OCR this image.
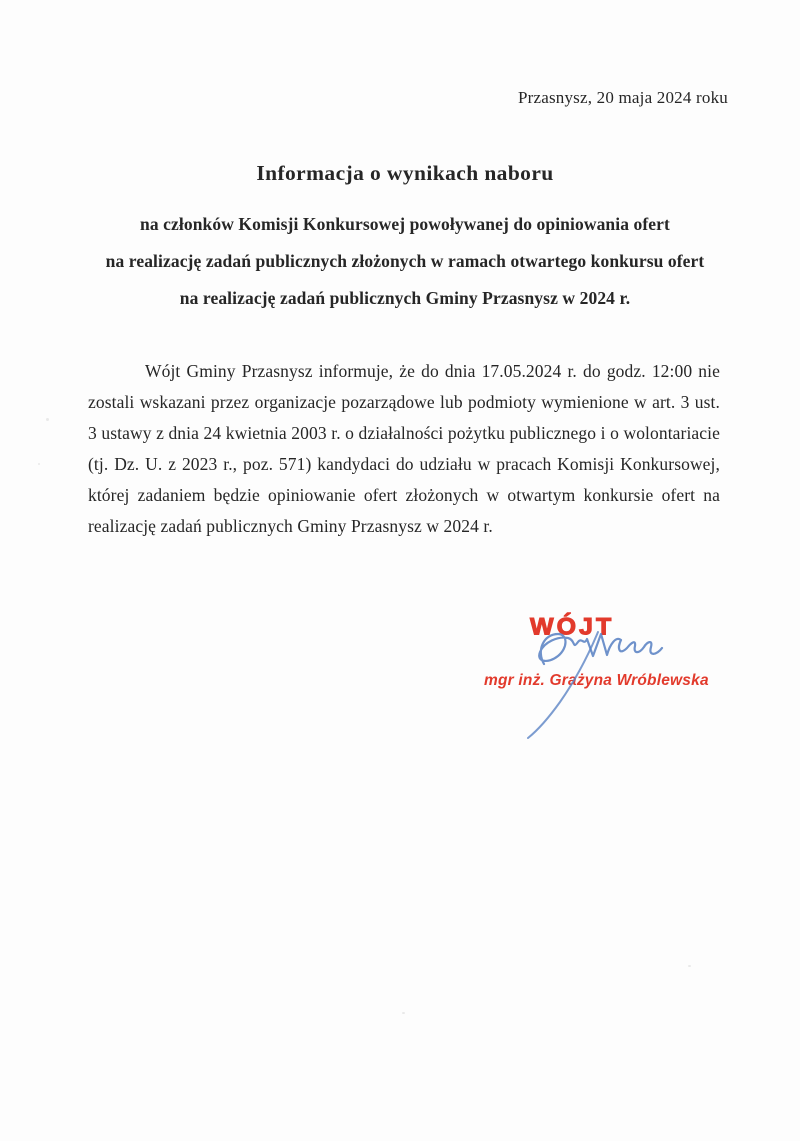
Przasnysz, 20 maja 2024 roku
Informacja o wynikach naboru
na członków Komisji Konkursowej powoływanej do opiniowania ofert
na realizację zadań publicznych złożonych w ramach otwartego konkursu ofert
na realizację zadań publicznych Gminy Przasnysz w 2024 r.

Wójt Gminy Przasnysz informuje, że do dnia 17.05.2024 r. do godz. 12:00 nie zostali wskazani przez organizacje pozarządowe lub podmioty wymienione w art. 3 ust. 3 ustawy z dnia 24 kwietnia 2003 r. o działalności pożytku publicznego i o wolontariacie (tj. Dz. U. z 2023 r., poz. 571) kandydaci do udziału w pracach Komisji Konkursowej, której zadaniem będzie opiniowanie ofert złożonych w otwartym konkursie ofert na realizację zadań publicznych Gminy Przasnysz w 2024 r.

WÓJT
mgr inż. Grażyna Wróblewska
